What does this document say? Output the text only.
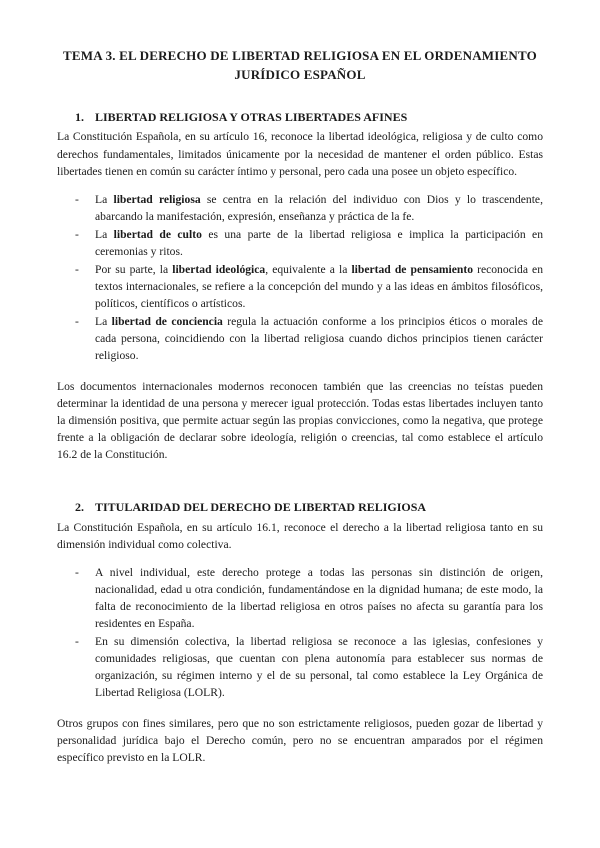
TEMA 3. EL DERECHO DE LIBERTAD RELIGIOSA EN EL ORDENAMIENTO
JURÍDICO ESPAÑOL
1. LIBERTAD RELIGIOSA Y OTRAS LIBERTADES AFINES

La Constitución Española, en su artículo 16, reconoce la libertad ideológica, religiosa y de culto como derechos fundamentales, limitados únicamente por la necesidad de mantener el orden público. Estas libertades tienen en común su carácter íntimo y personal, pero cada una posee un objeto específico.

-	La libertad religiosa se centra en la relación del individuo con Dios y lo trascendente, abarcando la manifestación, expresión, enseñanza y práctica de la fe.
-	La libertad de culto es una parte de la libertad religiosa e implica la participación en ceremonias y ritos.
-	Por su parte, la libertad ideológica, equivalente a la libertad de pensamiento reconocida en textos internacionales, se refiere a la concepción del mundo y a las ideas en ámbitos filosóficos, políticos, científicos o artísticos.
-	La libertad de conciencia regula la actuación conforme a los principios éticos o morales de cada persona, coincidiendo con la libertad religiosa cuando dichos principios tienen carácter religioso.

Los documentos internacionales modernos reconocen también que las creencias no teístas pueden determinar la identidad de una persona y merecer igual protección. Todas estas libertades incluyen tanto la dimensión positiva, que permite actuar según las propias convicciones, como la negativa, que protege frente a la obligación de declarar sobre ideología, religión o creencias, tal como establece el artículo 16.2 de la Constitución.

2. TITULARIDAD DEL DERECHO DE LIBERTAD RELIGIOSA

La Constitución Española, en su artículo 16.1, reconoce el derecho a la libertad religiosa tanto en su dimensión individual como colectiva.

-	A nivel individual, este derecho protege a todas las personas sin distinción de origen, nacionalidad, edad u otra condición, fundamentándose en la dignidad humana; de este modo, la falta de reconocimiento de la libertad religiosa en otros países no afecta su garantía para los residentes en España.
-	En su dimensión colectiva, la libertad religiosa se reconoce a las iglesias, confesiones y comunidades religiosas, que cuentan con plena autonomía para establecer sus normas de organización, su régimen interno y el de su personal, tal como establece la Ley Orgánica de Libertad Religiosa (LOLR).

Otros grupos con fines similares, pero que no son estrictamente religiosos, pueden gozar de libertad y personalidad jurídica bajo el Derecho común, pero no se encuentran amparados por el régimen específico previsto en la LOLR.
